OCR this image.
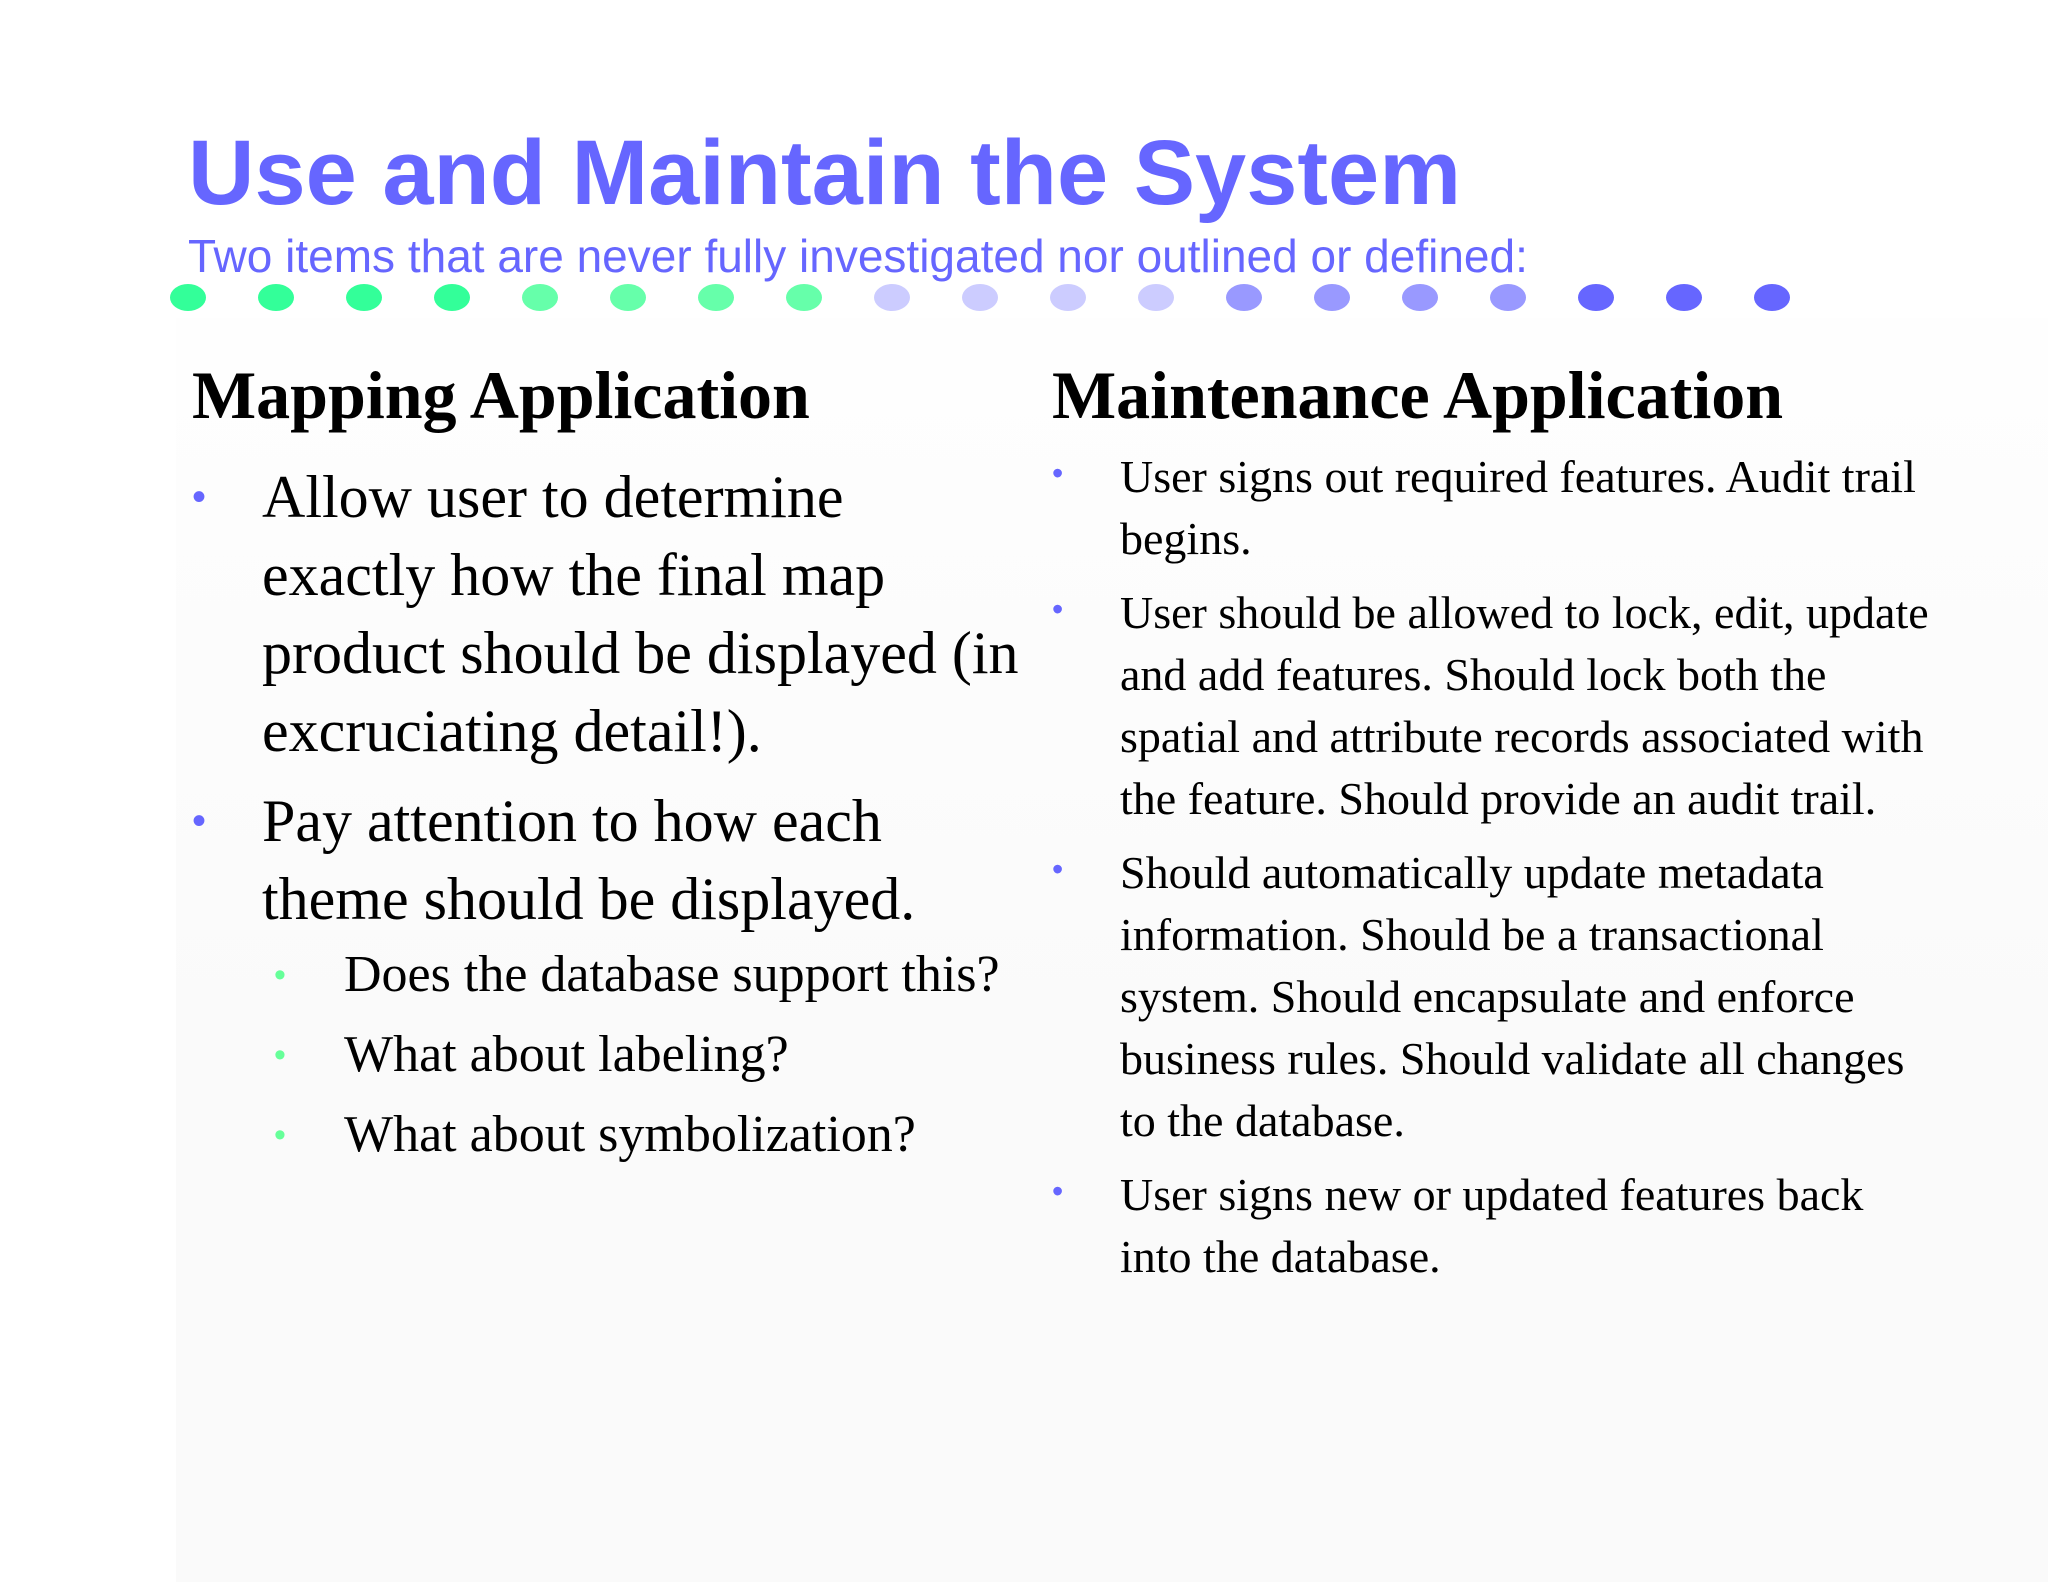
Use and Maintain the System

Two items that are never fully investigated nor outlined or defined:

Mapping Application
• Allow user to determine exactly how the final map product should be displayed (in excruciating detail!).
• Pay attention to how each theme should be displayed.
• Does the database support this?
• What about labeling?
• What about symbolization?
Maintenance Application
• User signs out required features. Audit trail begins.
• User should be allowed to lock, edit, update and add features. Should lock both the spatial and attribute records associated with the feature. Should provide an audit trail.
• Should automatically update metadata information. Should be a transactional system. Should encapsulate and enforce business rules. Should validate all changes to the database.
• User signs new or updated features back into the database.
